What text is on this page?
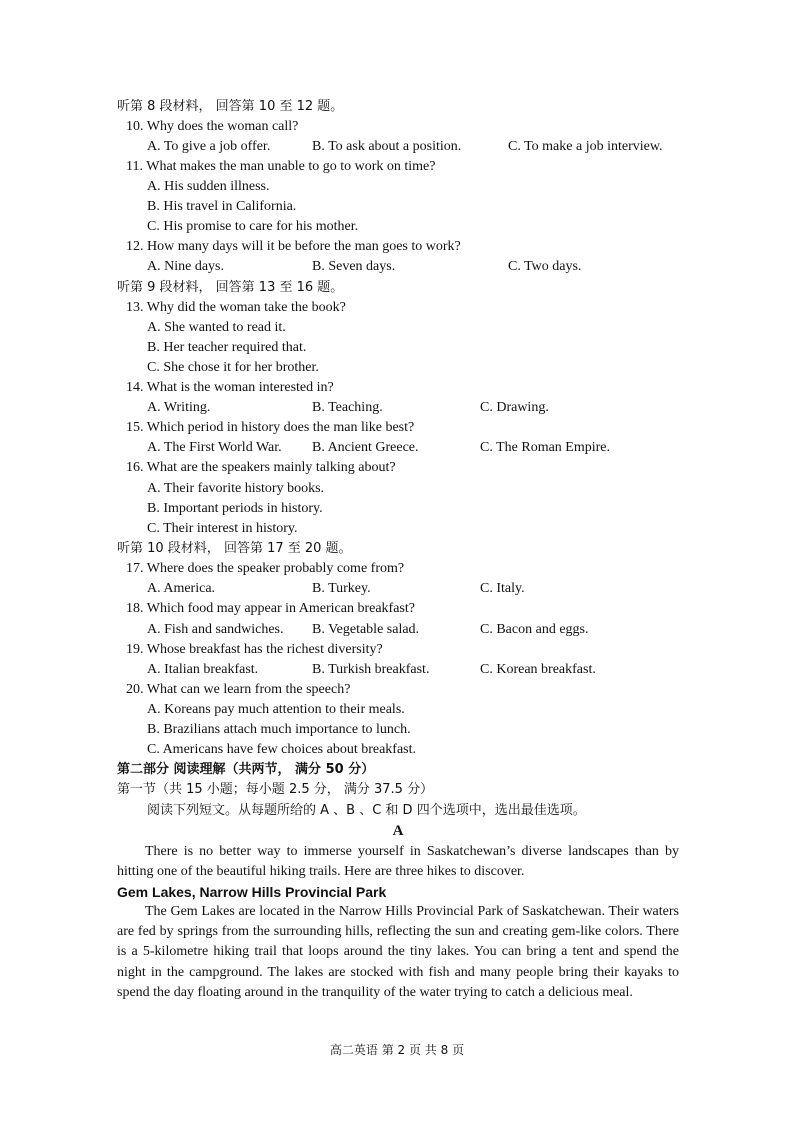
听第 8 段材料， 回答第 10 至 12 题。
10. Why does the woman call?
A. To give a job offer.	B. To ask about a position.	C. To make a job interview.
11. What makes the man unable to go to work on time?
A. His sudden illness.
B. His travel in California.
C. His promise to care for his mother.
12. How many days will it be before the man goes to work?
A. Nine days.	B. Seven days.	C. Two days.
听第 9 段材料， 回答第 13 至 16 题。
13. Why did the woman take the book?
A. She wanted to read it.
B. Her teacher required that.
C. She chose it for her brother.
14. What is the woman interested in?
A. Writing.	B. Teaching.	C. Drawing.
15. Which period in history does the man like best?
A. The First World War. B. Ancient Greece.	C. The Roman Empire.
16. What are the speakers mainly talking about?
A. Their favorite history books.
B. Important periods in history.
C. Their interest in history.
听第 10 段材料， 回答第 17 至 20 题。
17. Where does the speaker probably come from?
A. America.	B. Turkey.	C. Italy.
18. Which food may appear in American breakfast?
A. Fish and sandwiches. B. Vegetable salad.	C. Bacon and eggs.
19. Whose breakfast has the richest diversity?
A. Italian breakfast.	B. Turkish breakfast.	C. Korean breakfast.
20. What can we learn from the speech?
A. Koreans pay much attention to their meals.
B. Brazilians attach much importance to lunch.
C. Americans have few choices about breakfast.
第二部分 阅读理解（共两节， 满分 50 分）
第一节（共 15 小题；每小题 2.5 分， 满分 37.5 分）
阅读下列短文。从每题所给的 A 、B 、C 和 D 四个选项中，选出最佳选项。
A

There is no better way to immerse yourself in Saskatchewan’s diverse landscapes than by hitting one of the beautiful hiking trails. Here are three hikes to discover.

Gem Lakes, Narrow Hills Provincial Park

The Gem Lakes are located in the Narrow Hills Provincial Park of Saskatchewan. Their waters are fed by springs from the surrounding hills, reflecting the sun and creating gem-like colors. There is a 5-kilometre hiking trail that loops around the tiny lakes. You can bring a tent and spend the night in the campground. The lakes are stocked with fish and many people bring their kayaks to spend the day floating around in the tranquility of the water trying to catch a delicious meal.

高二英语 第 2 页 共 8 页
